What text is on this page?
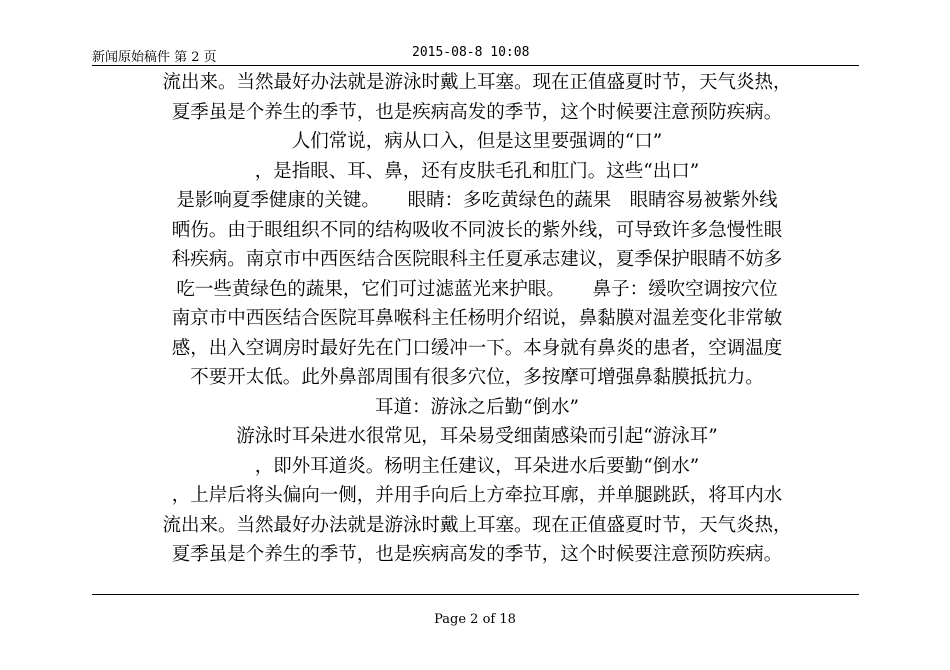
新闻原始稿件 第 2 页	2015-08-8 10:08
流出来。当然最好办法就是游泳时戴上耳塞。现在正值盛夏时节，天气炎热，
夏季虽是个养生的季节，也是疾病高发的季节，这个时候要注意预防疾病。
人们常说，病从口入，但是这里要强调的“口”
，是指眼、耳、鼻，还有皮肤毛孔和肛门。这些“出口”
是影响夏季健康的关键。　　眼睛：多吃黄绿色的蔬果　眼睛容易被紫外线
晒伤。由于眼组织不同的结构吸收不同波长的紫外线，可导致许多急慢性眼
科疾病。南京市中西医结合医院眼科主任夏承志建议，夏季保护眼睛不妨多
吃一些黄绿色的蔬果，它们可过滤蓝光来护眼。　　鼻子：缓吹空调按穴位
南京市中西医结合医院耳鼻喉科主任杨明介绍说，鼻黏膜对温差变化非常敏
感，出入空调房时最好先在门口缓冲一下。本身就有鼻炎的患者，空调温度
不要开太低。此外鼻部周围有很多穴位，多按摩可增强鼻黏膜抵抗力。
耳道：游泳之后勤“倒水”
游泳时耳朵进水很常见，耳朵易受细菌感染而引起“游泳耳”
，即外耳道炎。杨明主任建议，耳朵进水后要勤“倒水”
，上岸后将头偏向一侧，并用手向后上方牵拉耳廓，并单腿跳跃，将耳内水
流出来。当然最好办法就是游泳时戴上耳塞。现在正值盛夏时节，天气炎热，
夏季虽是个养生的季节，也是疾病高发的季节，这个时候要注意预防疾病。
Page 2 of 18
